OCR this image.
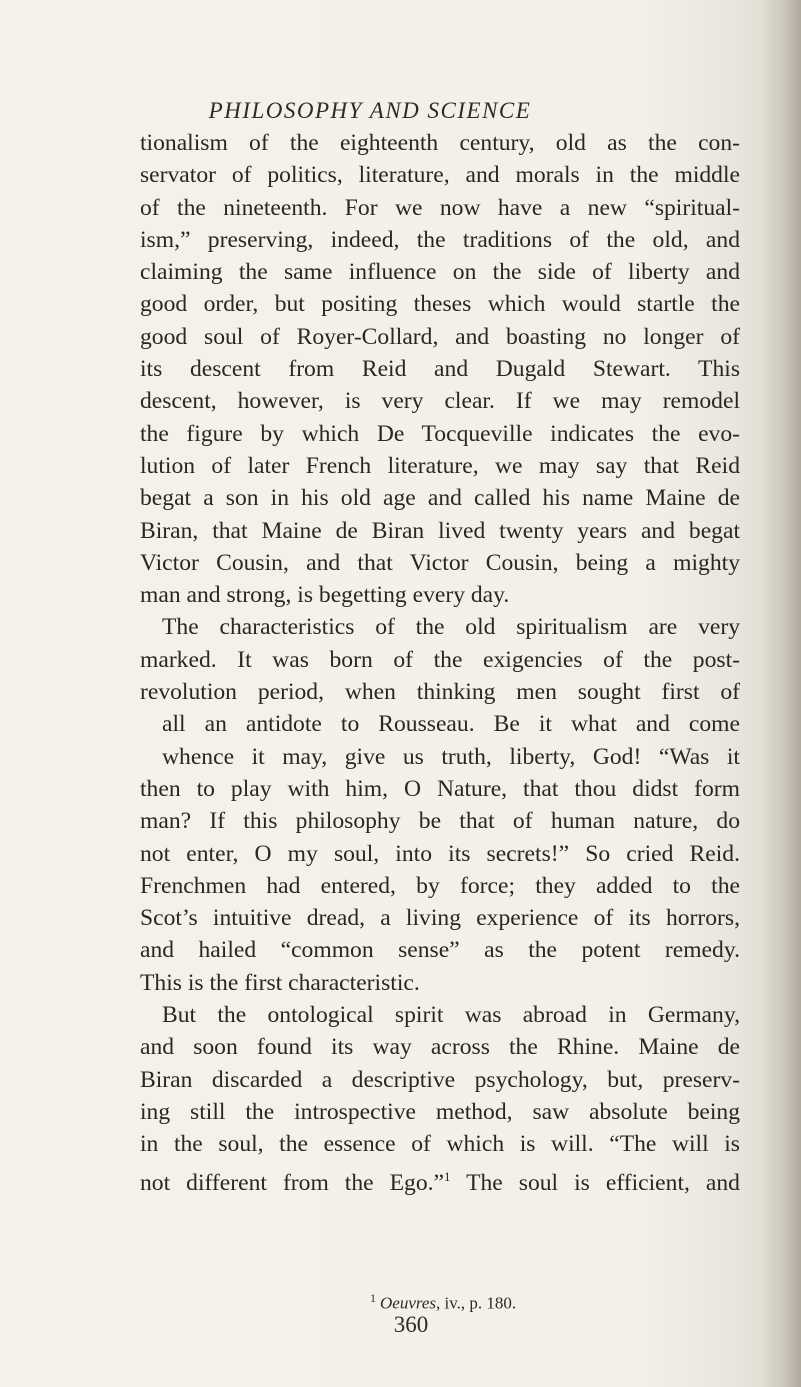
PHILOSOPHY AND SCIENCE
tionalism of the eighteenth century, old as the con-
servator of politics, literature, and morals in the middle
of the nineteenth. For we now have a new “spiritual-
ism,” preserving, indeed, the traditions of the old, and
claiming the same influence on the side of liberty and
good order, but positing theses which would startle the
good soul of Royer-Collard, and boasting no longer of
its descent from Reid and Dugald Stewart. This
descent, however, is very clear. If we may remodel
the figure by which De Tocqueville indicates the evo-
lution of later French literature, we may say that Reid
begat a son in his old age and called his name Maine de
Biran, that Maine de Biran lived twenty years and begat
Victor Cousin, and that Victor Cousin, being a mighty
man and strong, is begetting every day.
The characteristics of the old spiritualism are very
marked. It was born of the exigencies of the post-
revolution period, when thinking men sought first of
all an antidote to Rousseau. Be it what and come
whence it may, give us truth, liberty, God! “Was it
then to play with him, O Nature, that thou didst form
man? If this philosophy be that of human nature, do
not enter, O my soul, into its secrets!” So cried Reid.
Frenchmen had entered, by force; they added to the
Scot’s intuitive dread, a living experience of its horrors,
and hailed “common sense” as the potent remedy.
This is the first characteristic.
But the ontological spirit was abroad in Germany,
and soon found its way across the Rhine. Maine de
Biran discarded a descriptive psychology, but, preserv-
ing still the introspective method, saw absolute being
in the soul, the essence of which is will. “The will is
not different from the Ego.”$^1$ The soul is efficient, and
$^1$ Oeuvres, iv., p. 180.
360
